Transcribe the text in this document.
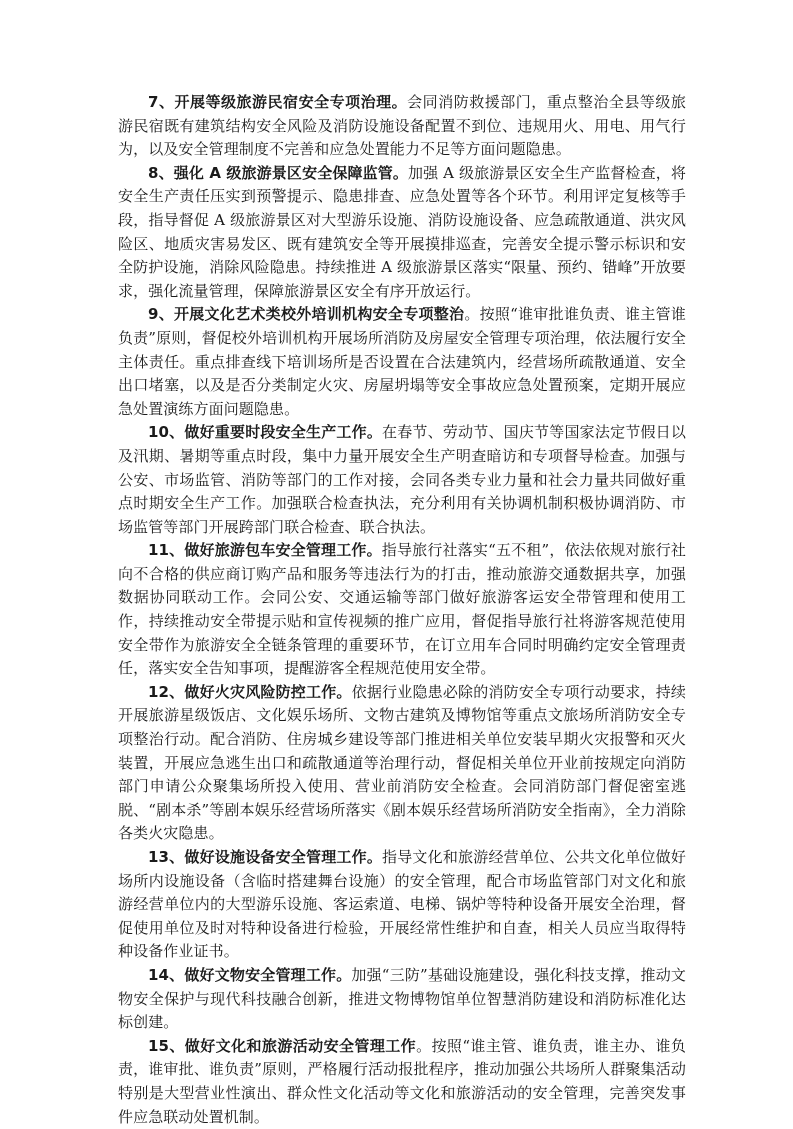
7、开展等级旅游民宿安全专项治理。会同消防救援部门，重点整治全县等级旅游民宿既有建筑结构安全风险及消防设施设备配置不到位、违规用火、用电、用气行为，以及安全管理制度不完善和应急处置能力不足等方面问题隐患。

8、强化 A 级旅游景区安全保障监管。加强 A 级旅游景区安全生产监督检查，将安全生产责任压实到预警提示、隐患排查、应急处置等各个环节。利用评定复核等手段，指导督促 A 级旅游景区对大型游乐设施、消防设施设备、应急疏散通道、洪灾风险区、地质灾害易发区、既有建筑安全等开展摸排巡查，完善安全提示警示标识和安全防护设施，消除风险隐患。持续推进 A 级旅游景区落实“限量、预约、错峰”开放要求，强化流量管理，保障旅游景区安全有序开放运行。

9、开展文化艺术类校外培训机构安全专项整治。按照“谁审批谁负责、谁主管谁负责”原则，督促校外培训机构开展场所消防及房屋安全管理专项治理，依法履行安全主体责任。重点排查线下培训场所是否设置在合法建筑内，经营场所疏散通道、安全出口堵塞，以及是否分类制定火灾、房屋坍塌等安全事故应急处置预案，定期开展应急处置演练方面问题隐患。

10、做好重要时段安全生产工作。在春节、劳动节、国庆节等国家法定节假日以及汛期、暑期等重点时段，集中力量开展安全生产明查暗访和专项督导检查。加强与公安、市场监管、消防等部门的工作对接，会同各类专业力量和社会力量共同做好重点时期安全生产工作。加强联合检查执法，充分利用有关协调机制积极协调消防、市场监管等部门开展跨部门联合检查、联合执法。

11、做好旅游包车安全管理工作。指导旅行社落实“五不租”，依法依规对旅行社向不合格的供应商订购产品和服务等违法行为的打击，推动旅游交通数据共享，加强数据协同联动工作。会同公安、交通运输等部门做好旅游客运安全带管理和使用工作，持续推动安全带提示贴和宣传视频的推广应用，督促指导旅行社将游客规范使用安全带作为旅游安全全链条管理的重要环节，在订立用车合同时明确约定安全管理责任，落实安全告知事项，提醒游客全程规范使用安全带。

12、做好火灾风险防控工作。依据行业隐患必除的消防安全专项行动要求，持续开展旅游星级饭店、文化娱乐场所、文物古建筑及博物馆等重点文旅场所消防安全专项整治行动。配合消防、住房城乡建设等部门推进相关单位安装早期火灾报警和灭火装置，开展应急逃生出口和疏散通道等治理行动，督促相关单位开业前按规定向消防部门申请公众聚集场所投入使用、营业前消防安全检查。会同消防部门督促密室逃脱、“剧本杀”等剧本娱乐经营场所落实《剧本娱乐经营场所消防安全指南》，全力消除各类火灾隐患。

13、做好设施设备安全管理工作。指导文化和旅游经营单位、公共文化单位做好场所内设施设备（含临时搭建舞台设施）的安全管理，配合市场监管部门对文化和旅游经营单位内的大型游乐设施、客运索道、电梯、锅炉等特种设备开展安全治理，督促使用单位及时对特种设备进行检验，开展经常性维护和自查，相关人员应当取得特种设备作业证书。

14、做好文物安全管理工作。加强“三防”基础设施建设，强化科技支撑，推动文物安全保护与现代科技融合创新，推进文物博物馆单位智慧消防建设和消防标准化达标创建。

15、做好文化和旅游活动安全管理工作。按照“谁主管、谁负责，谁主办、谁负责，谁审批、谁负责”原则，严格履行活动报批程序，推动加强公共场所人群聚集活动特别是大型营业性演出、群众性文化活动等文化和旅游活动的安全管理，完善突发事件应急联动处置机制。
